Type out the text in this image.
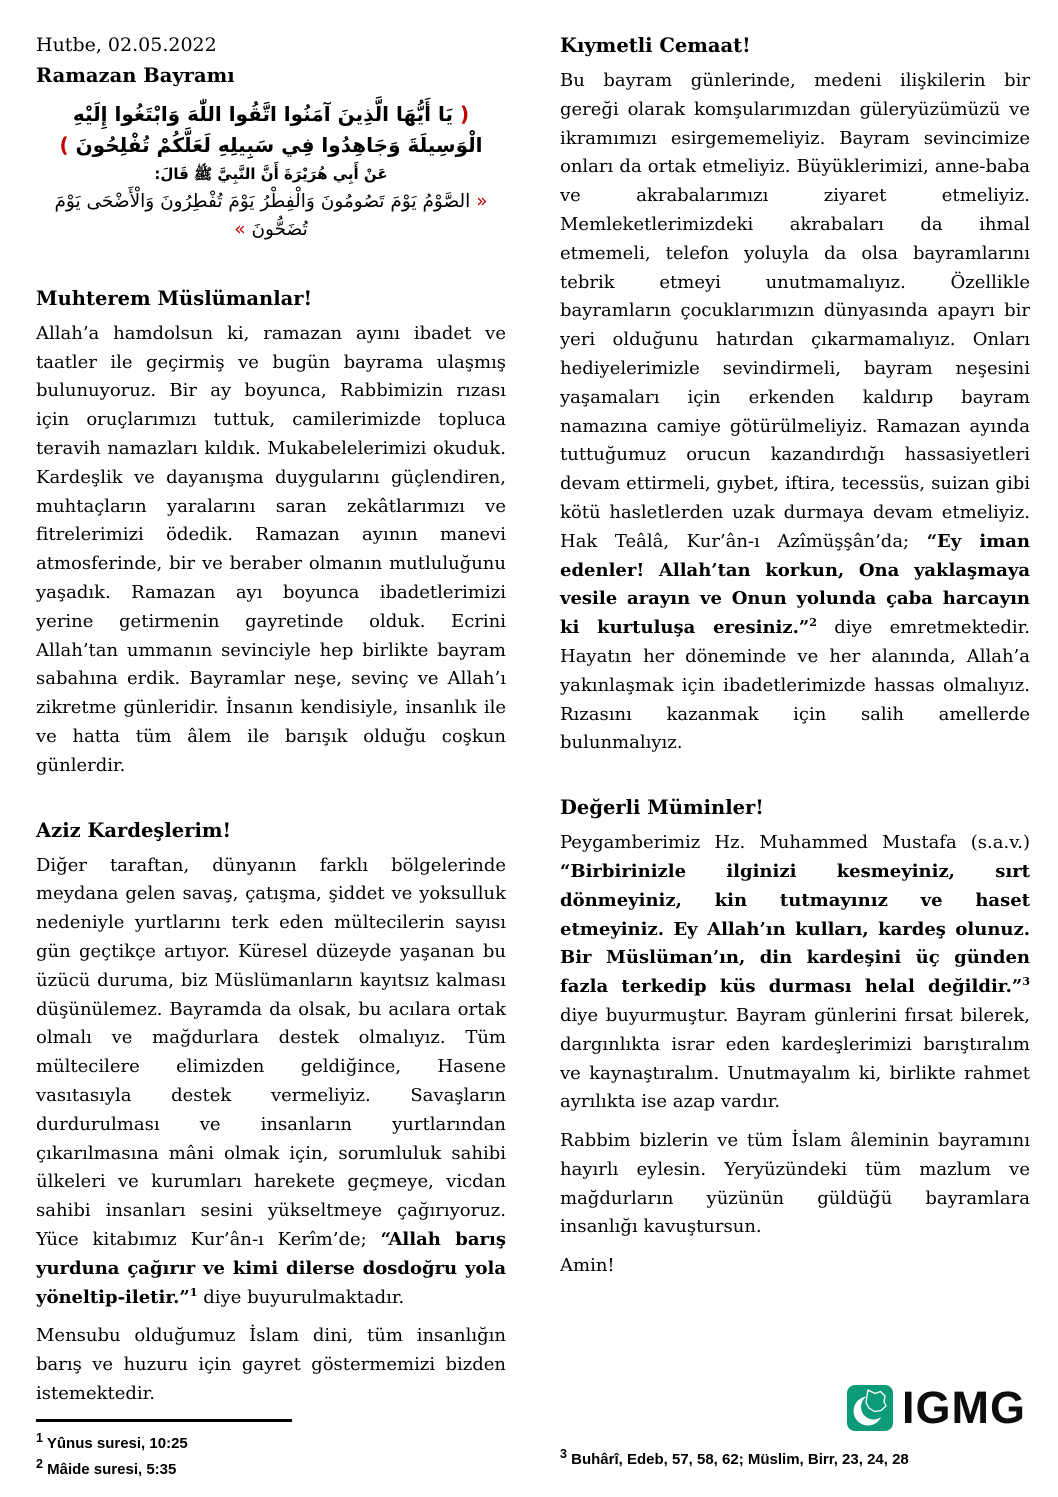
Hutbe, 02.05.2022
Ramazan Bayramı
( يَا أَيُّهَا الَّذِينَ آمَنُوا اتَّقُوا اللّٰهَ وَابْتَغُوا إِلَيْهِ الْوَسِيلَةَ وَجَاهِدُوا فِي سَبِيلِهِ لَعَلَّكُمْ تُفْلِحُونَ )
عَنْ أَبِي هُرَيْرَةَ أَنَّ النَّبِيَّ ﷺ قَالَ:
« الصَّوْمُ يَوْمَ تَصُومُونَ وَالْفِطْرُ يَوْمَ تُفْطِرُونَ وَالْأَضْحَى يَوْمَ تُضَحُّونَ »
Muhterem Müslümanlar!

Allah’a hamdolsun ki, ramazan ayını ibadet ve taatler ile geçirmiş ve bugün bayrama ulaşmış bulunuyoruz. Bir ay boyunca, Rabbimizin rızası için oruçlarımızı tuttuk, camilerimizde topluca teravih namazları kıldık. Mukabelelerimizi okuduk. Kardeşlik ve dayanışma duygularını güçlendiren, muhtaçların yaralarını saran zekâtlarımızı ve fitrelerimizi ödedik. Ramazan ayının manevi atmosferinde, bir ve beraber olmanın mutluluğunu yaşadık. Ramazan ayı boyunca ibadetlerimizi yerine getirmenin gayretinde olduk. Ecrini Allah’tan ummanın sevinciyle hep birlikte bayram sabahına erdik. Bayramlar neşe, sevinç ve Allah’ı zikretme günleridir. İnsanın kendisiyle, insanlık ile ve hatta tüm âlem ile barışık olduğu coşkun günlerdir.

Aziz Kardeşlerim!

Diğer taraftan, dünyanın farklı bölgelerinde meydana gelen savaş, çatışma, şiddet ve yoksulluk nedeniyle yurtlarını terk eden mültecilerin sayısı gün geçtikçe artıyor. Küresel düzeyde yaşanan bu üzücü duruma, biz Müslümanların kayıtsız kalması düşünülemez. Bayramda da olsak, bu acılara ortak olmalı ve mağdurlara destek olmalıyız. Tüm mültecilere elimizden geldiğince, Hasene vasıtasıyla destek vermeliyiz. Savaşların durdurulması ve insanların yurtlarından çıkarılmasına mâni olmak için, sorumluluk sahibi ülkeleri ve kurumları harekete geçmeye, vicdan sahibi insanları sesini yükseltmeye çağırıyoruz. Yüce kitabımız Kur’ân-ı Kerîm’de; “Allah barış yurduna çağırır ve kimi dilerse dosdoğru yola yöneltip-iletir.”$^1$ diye buyurulmaktadır.

Mensubu olduğumuz İslam dini, tüm insanlığın barış ve huzuru için gayret göstermemizi bizden istemektedir.

$^1$ Yûnus suresi, 10:25

$^2$ Mâide suresi, 5:35

Kıymetli Cemaat!

Bu bayram günlerinde, medeni ilişkilerin bir gereği olarak komşularımızdan güleryüzümüzü ve ikramımızı esirgememeliyiz. Bayram sevincimize onları da ortak etmeliyiz. Büyüklerimizi, anne-baba ve akrabalarımızı ziyaret etmeliyiz. Memleketlerimizdeki akrabaları da ihmal etmemeli, telefon yoluyla da olsa bayramlarını tebrik etmeyi unutmamalıyız. Özellikle bayramların çocuklarımızın dünyasında apayrı bir yeri olduğunu hatırdan çıkarmamalıyız. Onları hediyelerimizle sevindirmeli, bayram neşesini yaşamaları için erkenden kaldırıp bayram namazına camiye götürülmeliyiz. Ramazan ayında tuttuğumuz orucun kazandırdığı hassasiyetleri devam ettirmeli, gıybet, iftira, tecessüs, suizan gibi kötü hasletlerden uzak durmaya devam etmeliyiz. Hak Teâlâ, Kur’ân-ı Azîmüşşân’da; “Ey iman edenler! Allah’tan korkun, Ona yaklaşmaya vesile arayın ve Onun yolunda çaba harcayın ki kurtuluşa eresiniz.”$^2$ diye emretmektedir. Hayatın her döneminde ve her alanında, Allah’a yakınlaşmak için ibadetlerimizde hassas olmalıyız. Rızasını kazanmak için salih amellerde bulunmalıyız.

Değerli Müminler!

Peygamberimiz Hz. Muhammed Mustafa (s.a.v.) “Birbirinizle ilginizi kesmeyiniz, sırt dönmeyiniz, kin tutmayınız ve haset etmeyiniz. Ey Allah’ın kulları, kardeş olunuz. Bir Müslüman’ın, din kardeşini üç günden fazla terkedip küs durması helal değildir.”$^3$ diye buyurmuştur. Bayram günlerini fırsat bilerek, dargınlıkta israr eden kardeşlerimizi barıştıralım ve kaynaştıralım. Unutmayalım ki, birlikte rahmet ayrılıkta ise azap vardır.

Rabbim bizlerin ve tüm İslam âleminin bayramını hayırlı eylesin. Yeryüzündeki tüm mazlum ve mağdurların yüzünün güldüğü bayramlara insanlığı kavuştursun.

Amin!

IGMG

$^3$ Buhârî, Edeb, 57, 58, 62; Müslim, Birr, 23, 24, 28
